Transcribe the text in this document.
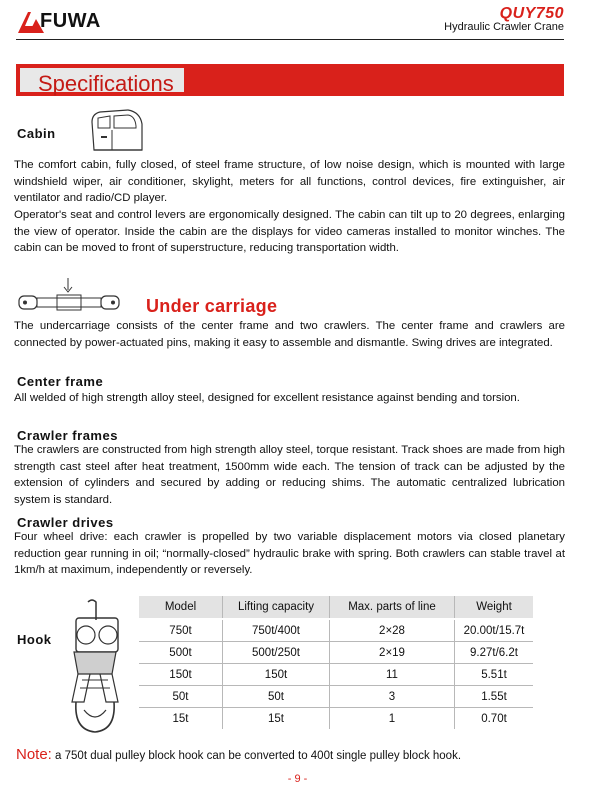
FUWA	QUY750
Hydraulic Crawler Crane
Specifications
Cabin
The comfort cabin, fully closed, of steel frame structure, of low noise design, which is mounted with large windshield wiper, air conditioner, skylight, meters for all functions, control devices, fire extinguisher, air ventilator and radio/CD player.
Operator's seat and control levers are ergonomically designed. The cabin can tilt up to 20 degrees, enlarging the view of operator. Inside the cabin are the displays for video cameras installed to monitor winches. The cabin can be moved to front of superstructure, reducing transportation width.
Under carriage
The undercarriage consists of the center frame and two crawlers. The center frame and crawlers are connected by power-actuated pins, making it easy to assemble and dismantle. Swing drives are integrated.
Center frame
All welded of high strength alloy steel, designed for excellent resistance against bending and torsion.
Crawler frames
The crawlers are constructed from high strength alloy steel, torque resistant. Track shoes are made from high strength cast steel after heat treatment, 1500mm wide each. The tension of track can be adjusted by the extension of cylinders and secured by adding or reducing shims. The automatic centralized lubrication system is standard.
Crawler drives
Four wheel drive: each crawler is propelled by two variable displacement motors via closed planetary reduction gear running in oil; “normally-closed” hydraulic brake with spring. Both crawlers can stable travel at 1km/h at maximum, independently or reversely.
Hook
Model	Lifting capacity	Max. parts of line	Weight
750t	750t/400t	2×28	20.00t/15.7t
500t	500t/250t	2×19	9.27t/6.2t
150t	150t	11	5.51t
50t	50t	3	1.55t
15t	15t	1	0.70t
Note: a 750t dual pulley block hook can be converted to 400t single pulley block hook.
- 9 -
